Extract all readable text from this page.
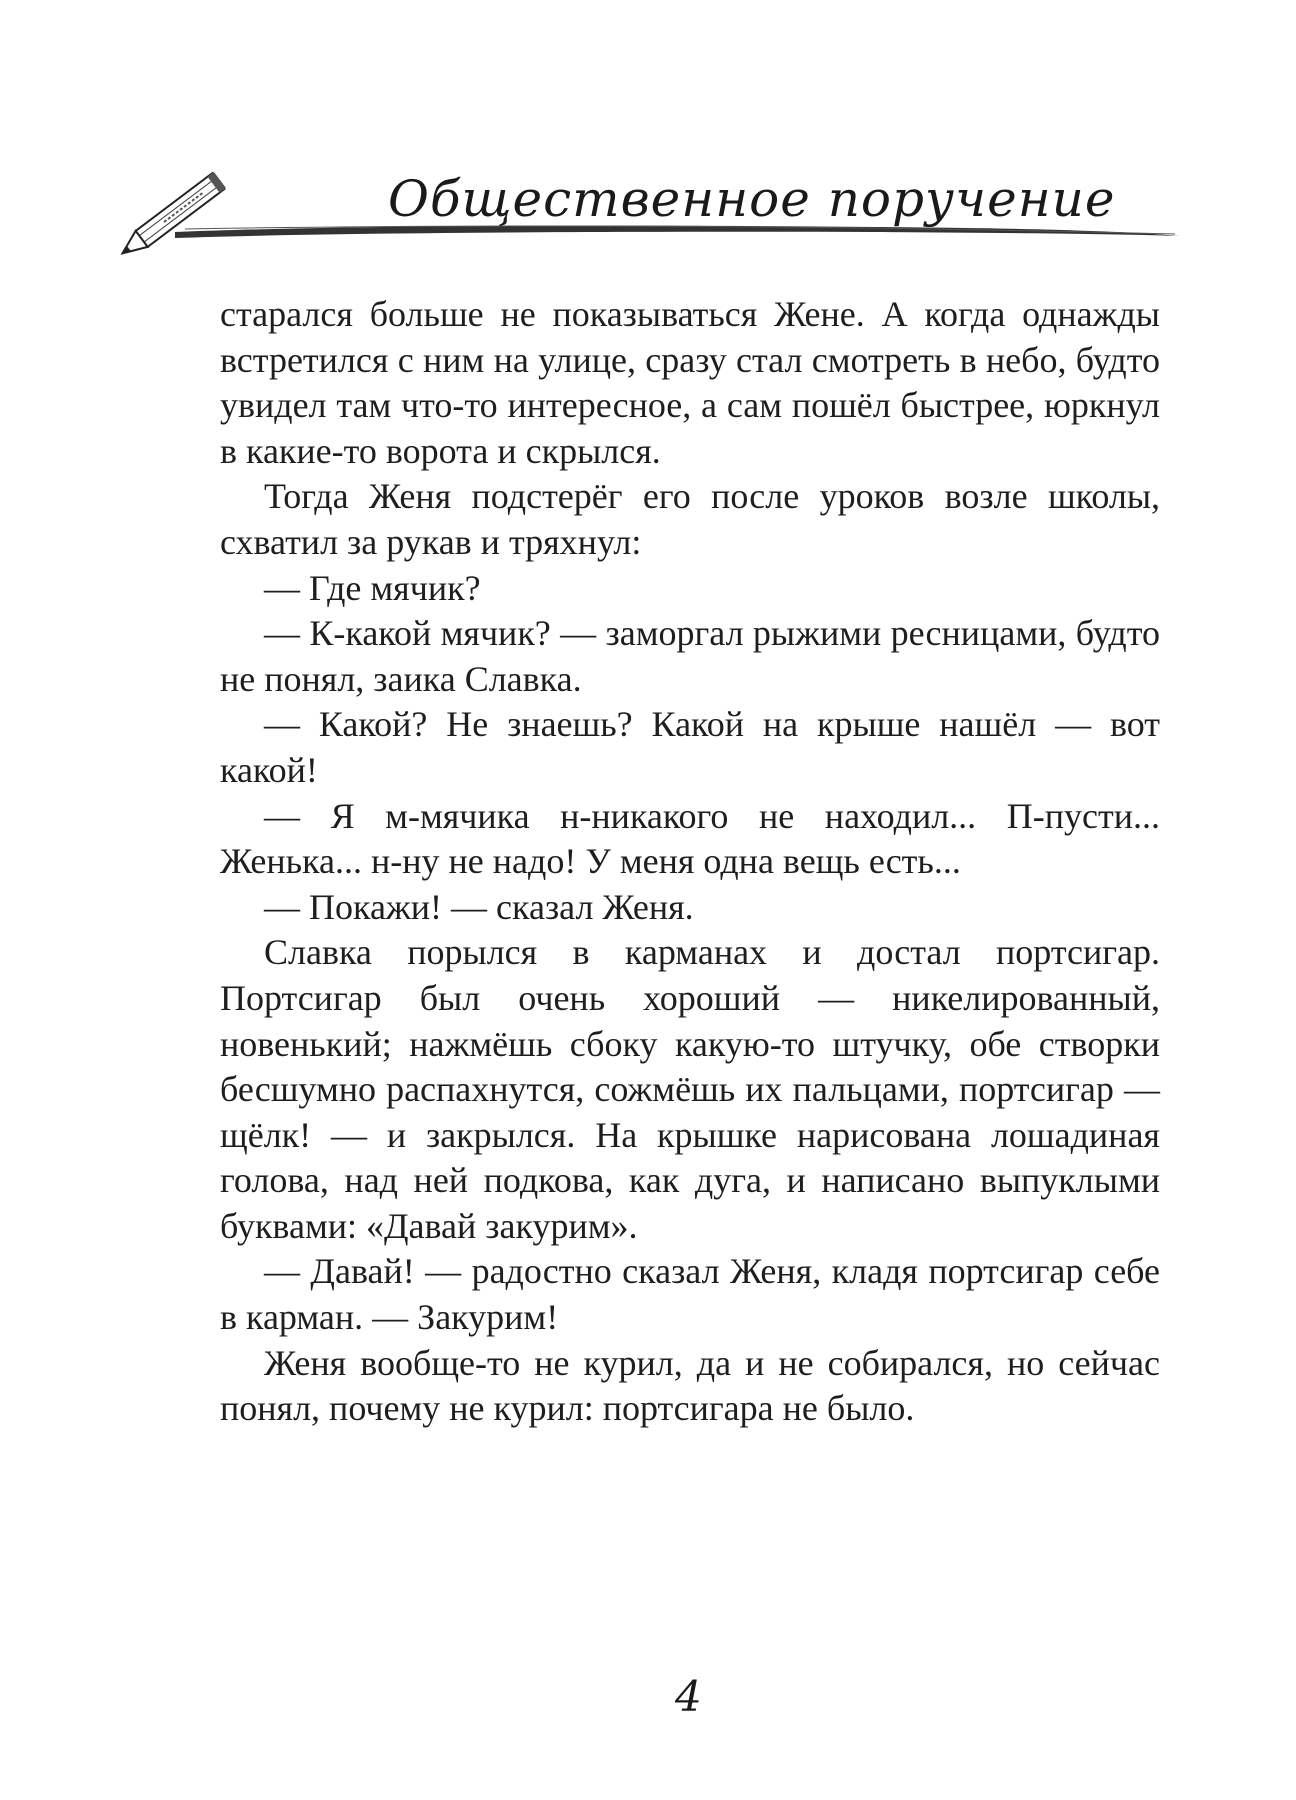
Общественное поручение

старался больше не показываться Жене. А когда однажды встретился с ним на улице, сразу стал смотреть в небо, будто увидел там что-то интересное, а сам пошёл быстрее, юркнул в какие-то ворота и скрылся.

Тогда Женя подстерёг его после уроков возле школы, схватил за рукав и тряхнул:

— Где мячик?

— К-какой мячик? — заморгал рыжими ресницами, будто не понял, заика Славка.

— Какой? Не знаешь? Какой на крыше нашёл — вот какой!

— Я м-мячика н-никакого не находил... П-пусти... Женька... н-ну не надо! У меня одна вещь есть...

— Покажи! — сказал Женя.

Славка порылся в карманах и достал портсигар. Портсигар был очень хороший — никелированный, новенький; нажмёшь сбоку какую-то штучку, обе створки бесшумно распахнутся, сожмёшь их пальцами, портсигар — щёлк! — и закрылся. На крышке нарисована лошадиная голова, над ней подкова, как дуга, и написано выпуклыми буквами: «Давай закурим».

— Давай! — радостно сказал Женя, кладя портсигар себе в карман. — Закурим!

Женя вообще-то не курил, да и не собирался, но сейчас понял, почему не курил: портсигара не было.

4
